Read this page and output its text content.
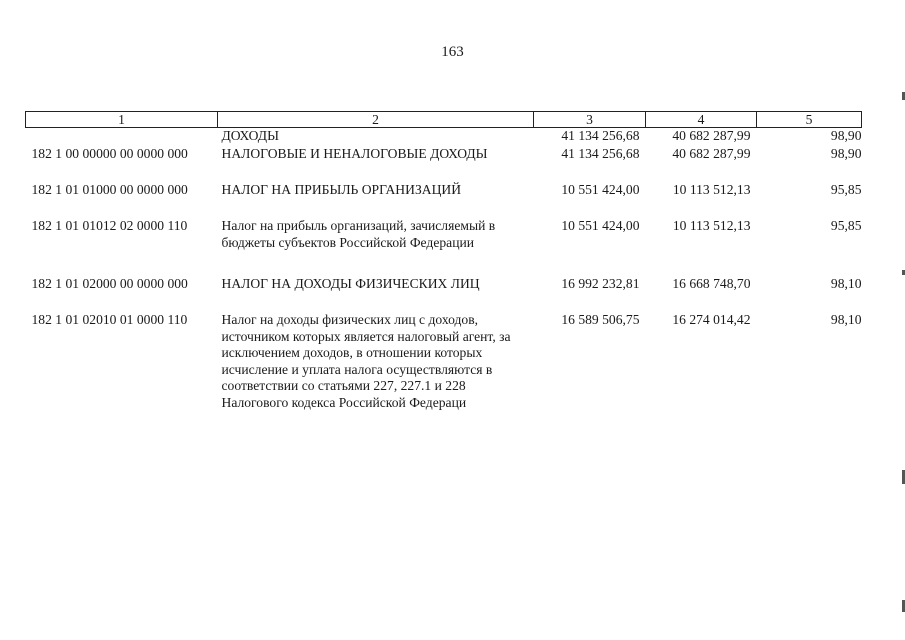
163
1	2	3	4	5
	ДОХОДЫ	41 134 256,68	40 682 287,99	98,90
182 1 00 00000 00 0000 000	НАЛОГОВЫЕ И НЕНАЛОГОВЫЕ ДОХОДЫ	41 134 256,68	40 682 287,99	98,90
182 1 01 01000 00 0000 000	НАЛОГ НА ПРИБЫЛЬ ОРГАНИЗАЦИЙ	10 551 424,00	10 113 512,13	95,85
182 1 01 01012 02 0000 110	Налог на прибыль организаций, зачисляемый в бюджеты субъектов Российской Федерации	10 551 424,00	10 113 512,13	95,85
182 1 01 02000 00 0000 000	НАЛОГ НА ДОХОДЫ ФИЗИЧЕСКИХ ЛИЦ	16 992 232,81	16 668 748,70	98,10
182 1 01 02010 01 0000 110	Налог на доходы физических лиц с доходов, источником которых является налоговый агент, за исключением доходов, в отношении которых исчисление и уплата налога осуществляются в соответствии со статьями 227, 227.1 и 228 Налогового кодекса Российской Федераци	16 589 506,75	16 274 014,42	98,10
